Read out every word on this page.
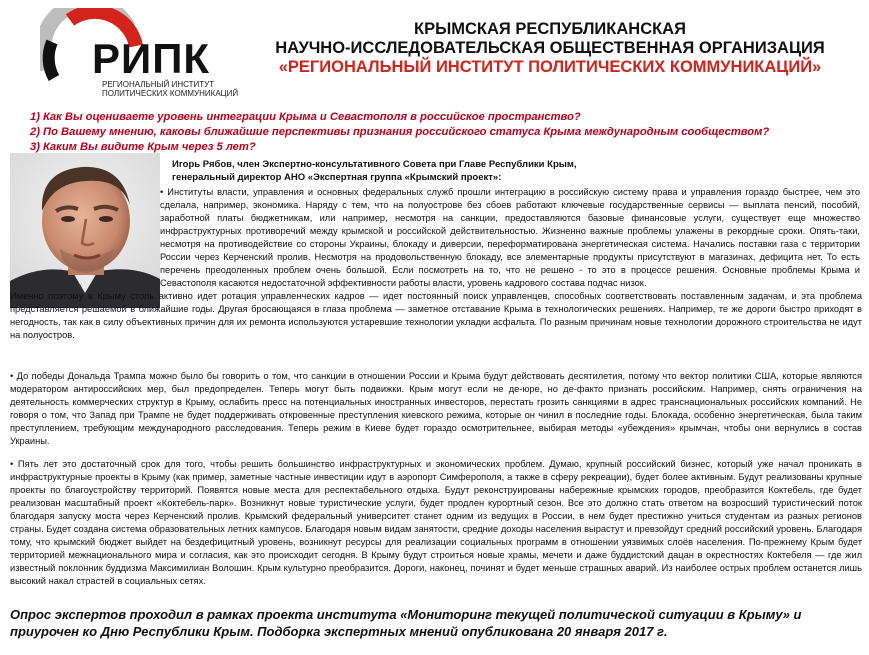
РИПК
РЕГИОНАЛЬНЫЙ ИНСТИТУТ ПОЛИТИЧЕСКИХ КОММУНИКАЦИЙ
КРЫМСКАЯ РЕСПУБЛИКАНСКАЯ
НАУЧНО-ИССЛЕДОВАТЕЛЬСКАЯ ОБЩЕСТВЕННАЯ ОРГАНИЗАЦИЯ
«РЕГИОНАЛЬНЫЙ ИНСТИТУТ ПОЛИТИЧЕСКИХ КОММУНИКАЦИЙ»
1) Как Вы оцениваете уровень интеграции Крыма и Севастополя в российское пространство?
2) По Вашему мнению, каковы ближайшие перспективы признания российского статуса Крыма международным сообществом?
3) Каким Вы видите Крым через 5 лет?
Игорь Рябов, член Экспертно-консультативного Совета при Главе Республики Крым,
генеральный директор АНО «Экспертная группа «Крымский проект»:
• Институты власти, управления и основных федеральных служб прошли интеграцию в российскую систему права и управления гораздо быстрее, чем это сделала, например, экономика. Наряду с тем, что на полуострове без сбоев работают ключевые государственные сервисы — выплата пенсий, пособий, заработной платы бюджетникам, или например, несмотря на санкции, предоставляются базовые финансовые услуги, существует еще множество инфраструктурных противоречий между крымской и российской действительностью. Жизненно важные проблемы улажены в рекордные сроки. Опять-таки, несмотря на противодействие со стороны Украины, блокаду и диверсии, переформатирована энергетическая система. Начались поставки газа с территории России через Керченский пролив. Несмотря на продовольственную блокаду, все элементарные продукты присутствуют в магазинах, дефицита нет. То есть перечень преодоленных проблем очень большой. Если посмотреть на то, что не решено - то это в процессе решения. Основные проблемы Крыма и Севастополя касаются недостаточной эффективности работы власти, уровень кадрового состава подчас низок.
Именно поэтому в Крыму столь активно идет ротация управленческих кадров — идет постоянный поиск управленцев, способных соответствовать поставленным задачам, и эта проблема представляется решаемой в ближайшие годы. Другая бросающаяся в глаза проблема — заметное отставание Крыма в технологических решениях. Например, те же дороги быстро приходят в негодность, так как в силу объективных причин для их ремонта используются устаревшие технологии укладки асфальта. По разным причинам новые технологии дорожного строительства не идут на полуостров.
• До победы Дональда Трампа можно было бы говорить о том, что санкции в отношении России и Крыма будут действовать десятилетия, потому что вектор политики США, которые являются модератором антироссийских мер, был предопределен. Теперь могут быть подвижки. Крым могут если не де-юре, но де-факто признать российским. Например, снять ограничения на деятельность коммерческих структур в Крыму, ослабить пресс на потенциальных иностранных инвесторов, перестать грозить санкциями в адрес транснациональных российских компаний. Не говоря о том, что Запад при Трампе не будет поддерживать откровенные преступления киевского режима, которые он чинил в последние годы. Блокада, особенно энергетическая, была таким преступлением, требующим международного расследования. Теперь режим в Киеве будет гораздо осмотрительнее, выбирая методы «убеждения» крымчан, чтобы они вернулись в состав Украины.
• Пять лет это достаточный срок для того, чтобы решить большинство инфраструктурных и экономических проблем. Думаю, крупный российский бизнес, который уже начал проникать в инфраструктурные проекты в Крыму (как пример, заметные частные инвестиции идут в аэропорт Симферополя, а также в сферу рекреации), будет более активным. Будут реализованы крупные проекты по благоустройству территорий. Появятся новые места для респектабельного отдыха. Будут реконструированы набережные крымских городов, преобразится Коктебель, где будет реализован масштабный проект «Коктебель-парк». Возникнут новые туристические услуги, будет продлен курортный сезон. Все это должно стать ответом на возросший туристический поток благодаря запуску моста через Керченский пролив. Крымский федеральный университет станет одним из ведущих в России, в нем будет престижно учиться студентам из разных регионов страны. Будет создана система образовательных летних кампусов. Благодаря новым видам занятости, средние доходы населения вырастут и превзойдут средний российский уровень. Благодаря тому, что крымский бюджет выйдет на бездефицитный уровень, возникнут ресурсы для реализации социальных программ в отношении уязвимых слоёв населения. По-прежнему Крым будет территорией межнационального мира и согласия, как это происходит сегодня. В Крыму будут строиться новые храмы, мечети и даже буддистский дацан в окрестностях Коктебеля — где жил известный поклонник буддизма Максимилиан Волошин. Крым культурно преобразится. Дороги, наконец, починят и будет меньше страшных аварий. Из наиболее острых проблем останется лишь высокий накал страстей в социальных сетях.
Опрос экспертов проходил в рамках проекта института «Мониторинг текущей политической ситуации в Крыму» и приурочен ко Дню Республики Крым. Подборка экспертных мнений опубликована 20 января 2017 г.
